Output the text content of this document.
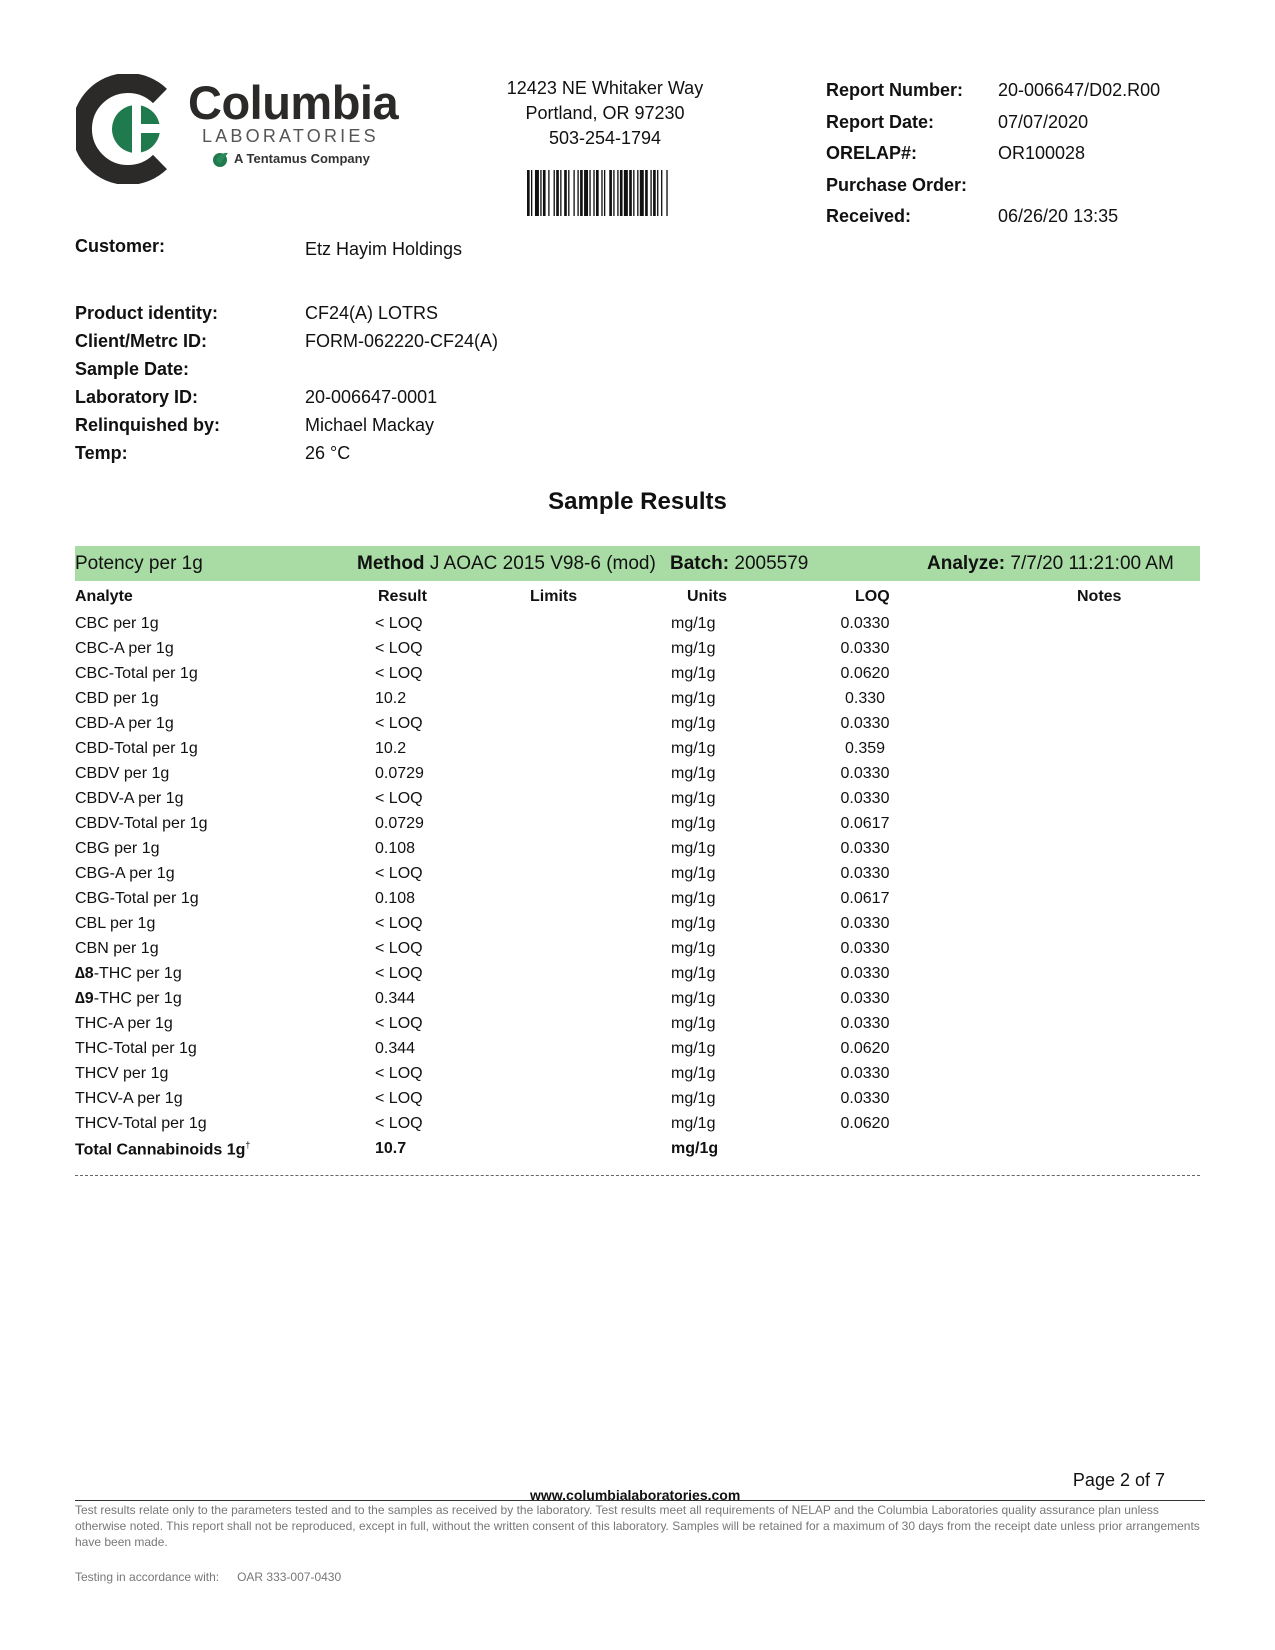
Columbia
LABORATORIES
A Tentamus Company
12423 NE Whitaker Way
Portland, OR 97230
503-254-1794
Report Number:	20-006647/D02.R00
Report Date:	07/07/2020
ORELAP#:	OR100028
Purchase Order:
Received:	06/26/20 13:35
Customer:	Etz Hayim Holdings
Product identity:	CF24(A) LOTRS
Client/Metrc ID:	FORM-062220-CF24(A)
Sample Date:
Laboratory ID:	20-006647-0001
Relinquished by:	Michael Mackay
Temp:	26 °C
Sample Results
Potency per 1g	Method J AOAC 2015 V98-6 (mod) Batch: 2005579	Analyze: 7/7/20 11:21:00 AM
Analyte	Result	Limits	Units	LOQ	Notes
CBC per 1g	< LOQ	mg/1g	0.0330
CBC-A per 1g	< LOQ	mg/1g	0.0330
CBC-Total per 1g	< LOQ	mg/1g	0.0620
CBD per 1g	10.2	mg/1g	0.330
CBD-A per 1g	< LOQ	mg/1g	0.0330
CBD-Total per 1g	10.2	mg/1g	0.359
CBDV per 1g	0.0729	mg/1g	0.0330
CBDV-A per 1g	< LOQ	mg/1g	0.0330
CBDV-Total per 1g	0.0729	mg/1g	0.0617
CBG per 1g	0.108	mg/1g	0.0330
CBG-A per 1g	< LOQ	mg/1g	0.0330
CBG-Total per 1g	0.108	mg/1g	0.0617
CBL per 1g	< LOQ	mg/1g	0.0330
CBN per 1g	< LOQ	mg/1g	0.0330
∆8-THC per 1g	< LOQ	mg/1g	0.0330
∆9-THC per 1g	0.344	mg/1g	0.0330
THC-A per 1g	< LOQ	mg/1g	0.0330
THC-Total per 1g	0.344	mg/1g	0.0620
THCV per 1g	< LOQ	mg/1g	0.0330
THCV-A per 1g	< LOQ	mg/1g	0.0330
THCV-Total per 1g	< LOQ	mg/1g	0.0620
Total Cannabinoids 1g†	10.7	mg/1g
Page 2 of 7
www.columbialaboratories.com
Test results relate only to the parameters tested and to the samples as received by the laboratory. Test results meet all requirements of NELAP and the Columbia Laboratories quality assurance plan unless otherwise noted. This report shall not be reproduced, except in full, without the written consent of this laboratory. Samples will be retained for a maximum of 30 days from the receipt date unless prior arrangements have been made.
Testing in accordance with: OAR 333-007-0430
